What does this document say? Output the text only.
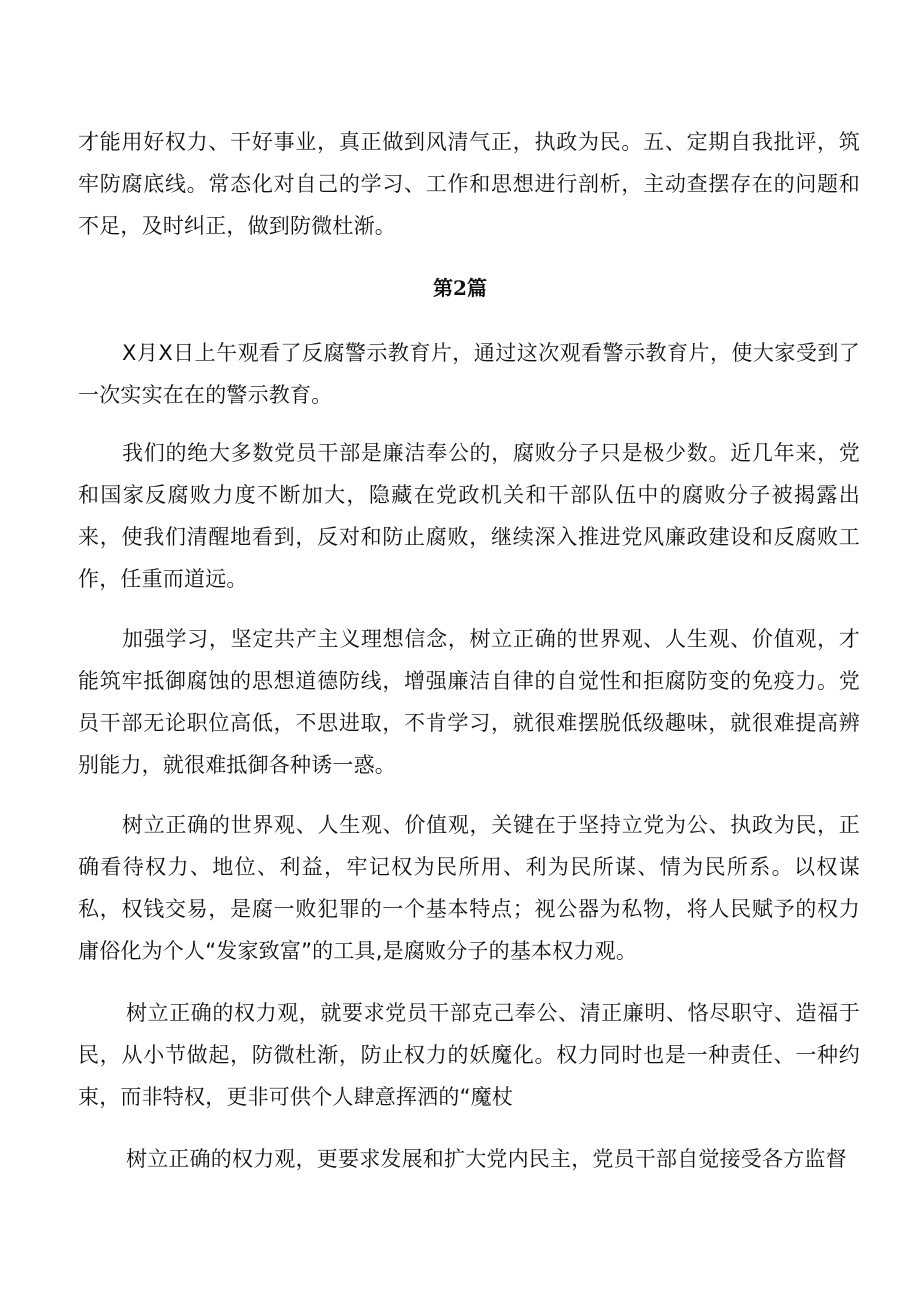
才能用好权力、干好事业，真正做到风清气正，执政为民。五、定期自我批评，筑牢防腐底线。常态化对自己的学习、工作和思想进行剖析，主动查摆存在的问题和不足，及时纠正，做到防微杜渐。

第2篇

X月X日上午观看了反腐警示教育片，通过这次观看警示教育片，使大家受到了一次实实在在的警示教育。

我们的绝大多数党员干部是廉洁奉公的，腐败分子只是极少数。近几年来，党和国家反腐败力度不断加大，隐藏在党政机关和干部队伍中的腐败分子被揭露出来，使我们清醒地看到，反对和防止腐败，继续深入推进党风廉政建设和反腐败工作，任重而道远。

加强学习，坚定共产主义理想信念，树立正确的世界观、人生观、价值观，才能筑牢抵御腐蚀的思想道德防线，增强廉洁自律的自觉性和拒腐防变的免疫力。党员干部无论职位高低，不思进取，不肯学习，就很难摆脱低级趣味，就很难提高辨别能力，就很难抵御各种诱一惑。

树立正确的世界观、人生观、价值观，关键在于坚持立党为公、执政为民，正确看待权力、地位、利益，牢记权为民所用、利为民所谋、情为民所系。以权谋私，权钱交易，是腐一败犯罪的一个基本特点；视公器为私物，将人民赋予的权力庸俗化为个人“发家致富”的工具,是腐败分子的基本权力观。

树立正确的权力观，就要求党员干部克己奉公、清正廉明、恪尽职守、造福于民，从小节做起，防微杜渐，防止权力的妖魔化。权力同时也是一种责任、一种约束，而非特权，更非可供个人肆意挥洒的“魔杖

树立正确的权力观，更要求发展和扩大党内民主，党员干部自觉接受各方监督
